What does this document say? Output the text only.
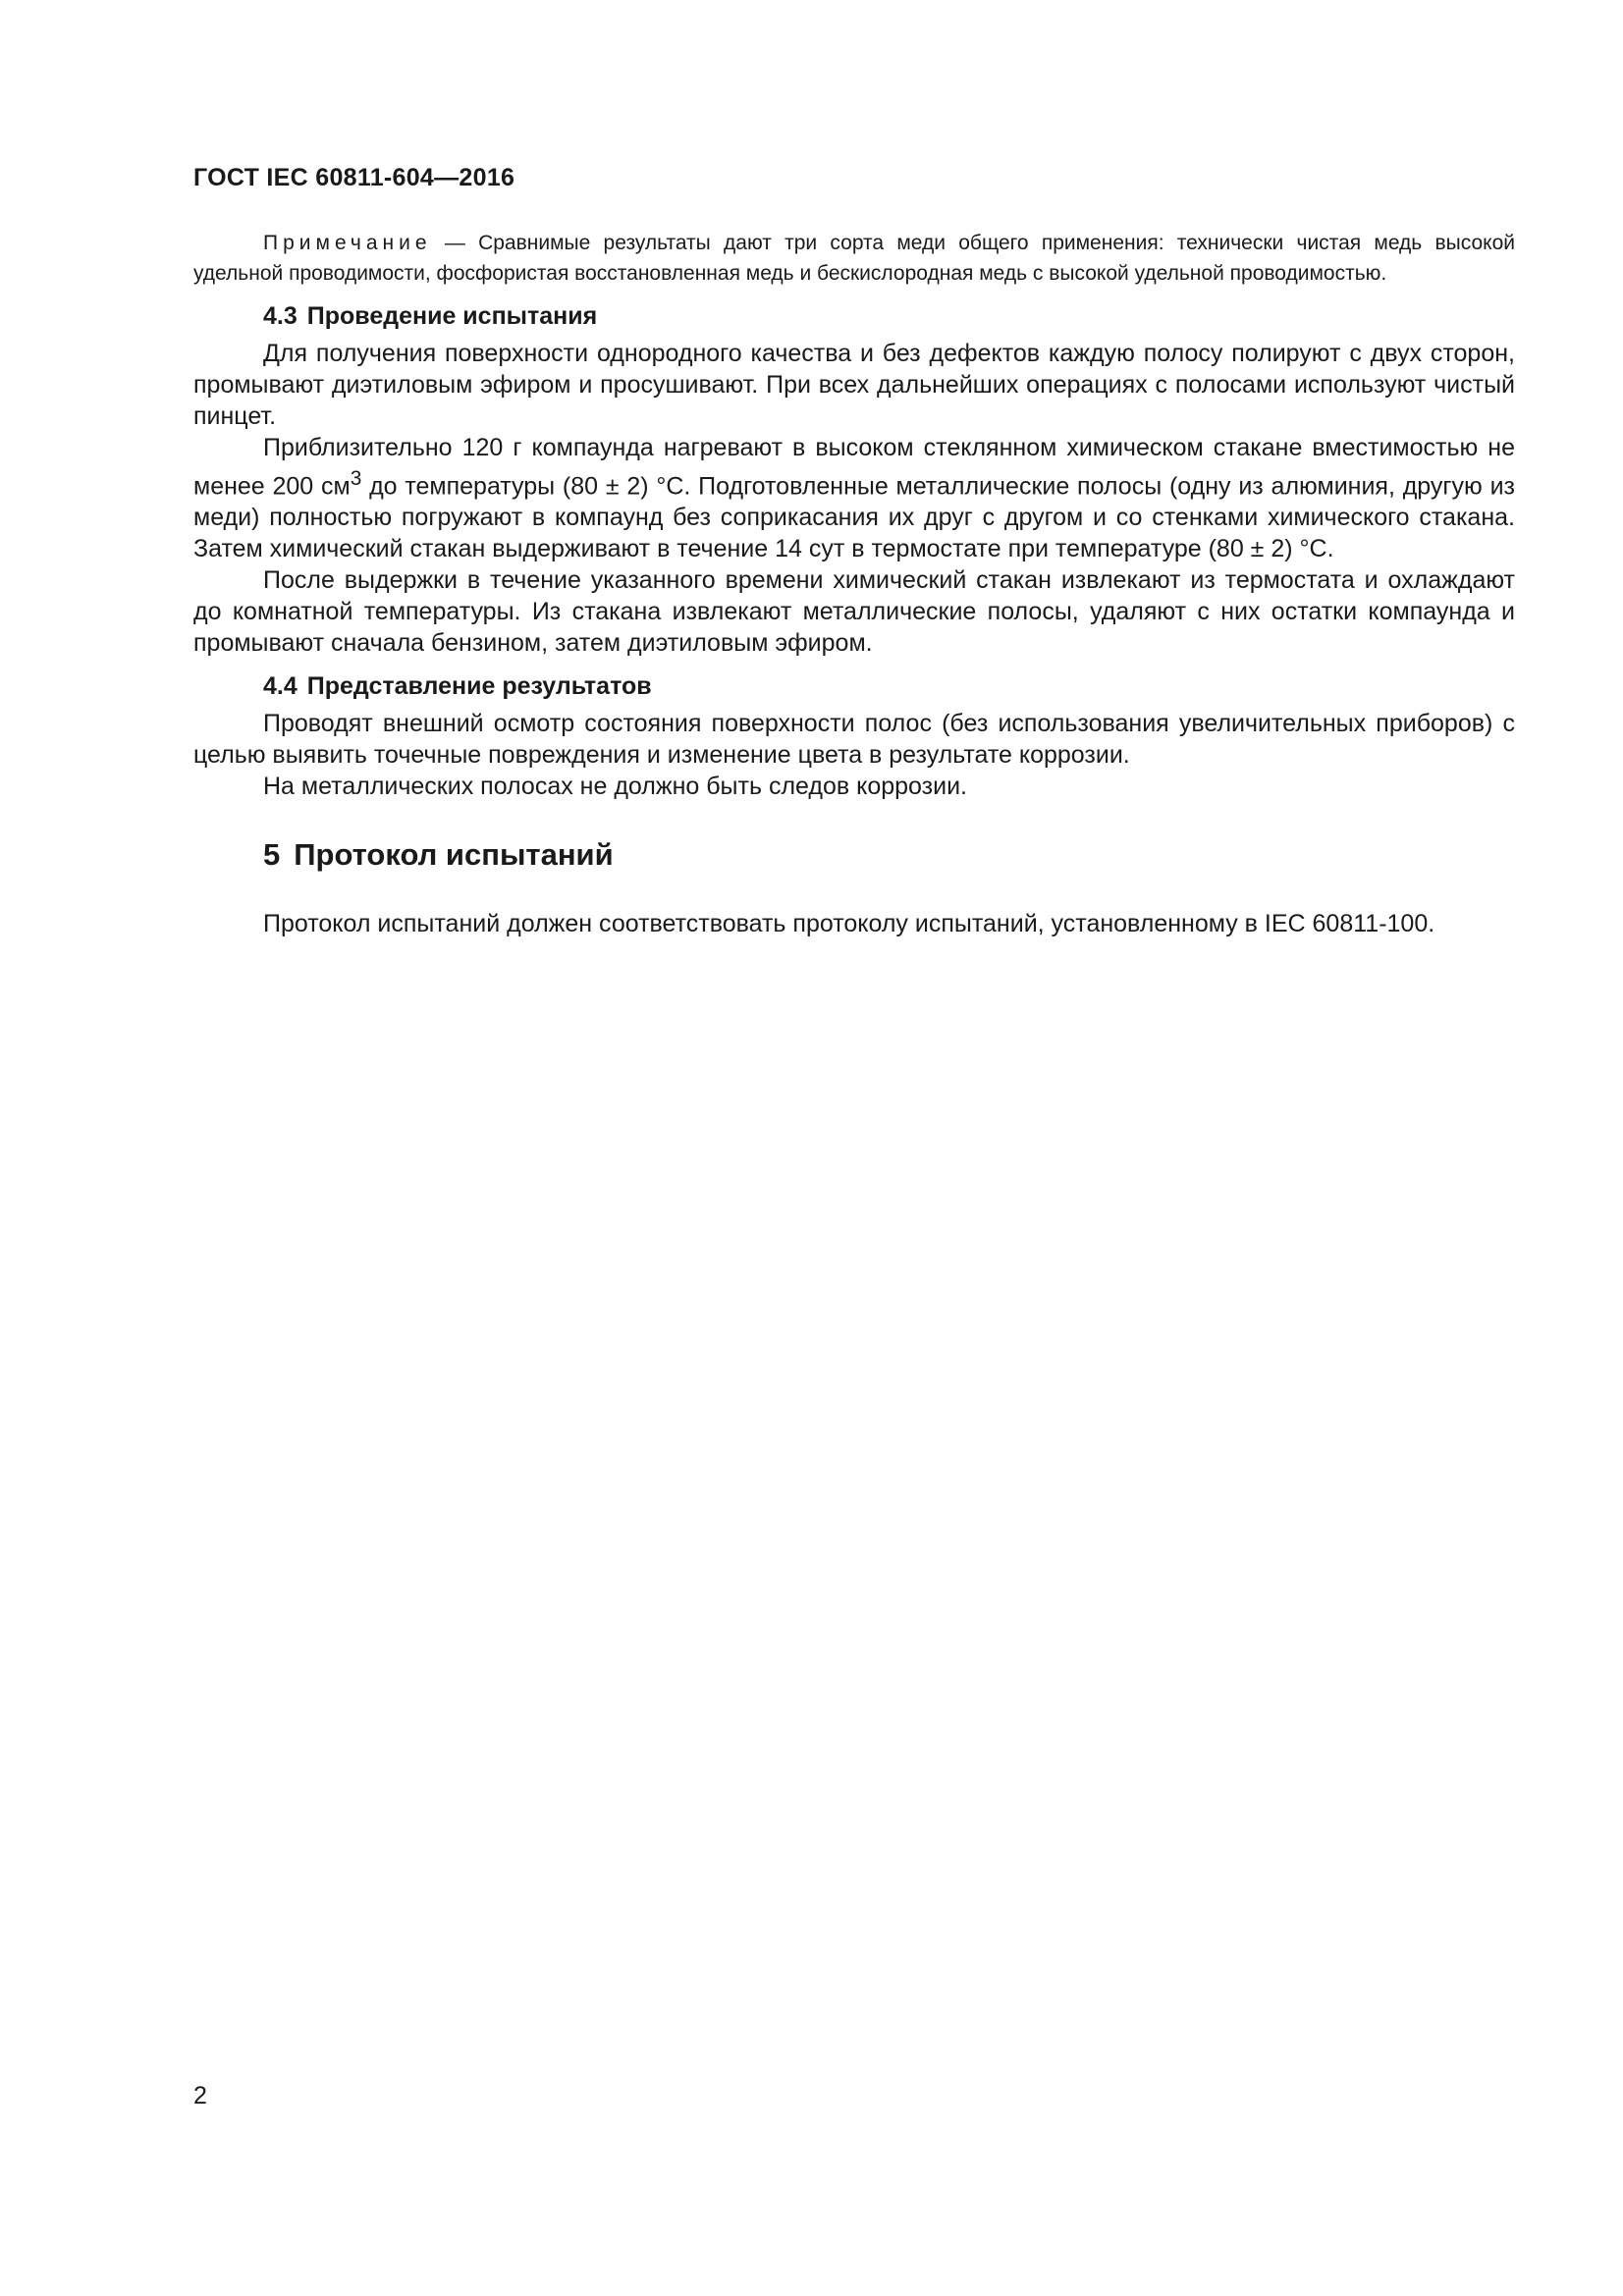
ГОСТ IEC 60811-604—2016

Примечание — Сравнимые результаты дают три сорта меди общего применения: технически чистая медь высокой удельной проводимости, фосфористая восстановленная медь и бескислородная медь с высокой удельной проводимостью.

4.3 Проведение испытания

Для получения поверхности однородного качества и без дефектов каждую полосу полируют с двух сторон, промывают диэтиловым эфиром и просушивают. При всех дальнейших операциях с полосами используют чистый пинцет.

Приблизительно 120 г компаунда нагревают в высоком стеклянном химическом стакане вместимостью не менее 200 $см^3$ до температуры (80 ± 2) °С. Подготовленные металлические полосы (одну из алюминия, другую из меди) полностью погружают в компаунд без соприкасания их друг с другом и со стенками химического стакана. Затем химический стакан выдерживают в течение 14 сут в термостате при температуре (80 ± 2) °С.

После выдержки в течение указанного времени химический стакан извлекают из термостата и охлаждают до комнатной температуры. Из стакана извлекают металлические полосы, удаляют с них остатки компаунда и промывают сначала бензином, затем диэтиловым эфиром.

4.4 Представление результатов

Проводят внешний осмотр состояния поверхности полос (без использования увеличительных приборов) с целью выявить точечные повреждения и изменение цвета в результате коррозии.

На металлических полосах не должно быть следов коррозии.

5 Протокол испытаний

Протокол испытаний должен соответствовать протоколу испытаний, установленному в IEC 60811-100.

2
